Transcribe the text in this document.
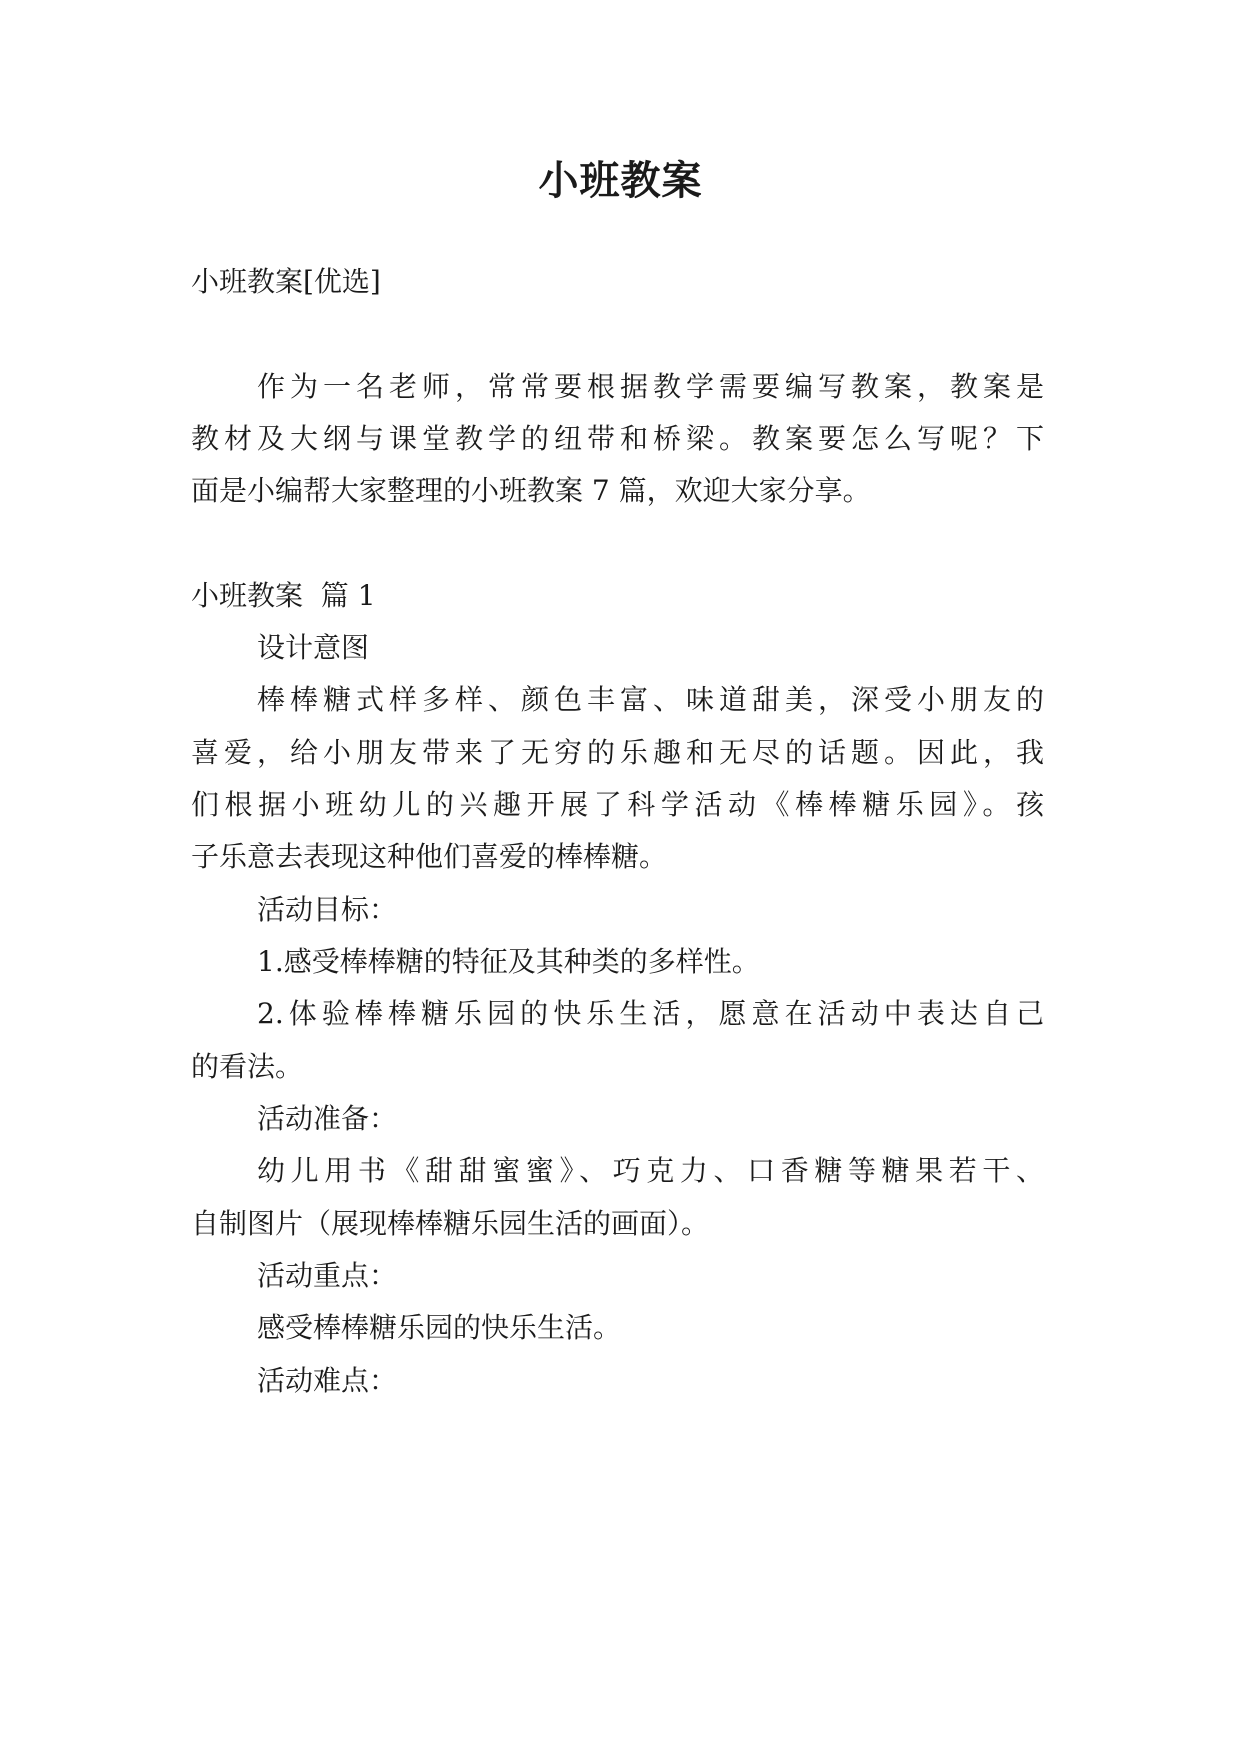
小班教案

小班教案[优选]

作为一名老师，常常要根据教学需要编写教案，教案是

教材及大纲与课堂教学的纽带和桥梁。教案要怎么写呢？下

面是小编帮大家整理的小班教案 7 篇，欢迎大家分享。

小班教案  篇 1

设计意图

棒棒糖式样多样、颜色丰富、味道甜美，深受小朋友的

喜爱，给小朋友带来了无穷的乐趣和无尽的话题。因此，我

们根据小班幼儿的兴趣开展了科学活动《棒棒糖乐园》。孩

子乐意去表现这种他们喜爱的棒棒糖。

活动目标：

1.感受棒棒糖的特征及其种类的多样性。

2.体验棒棒糖乐园的快乐生活，愿意在活动中表达自己

的看法。

活动准备：

幼儿用书《甜甜蜜蜜》、巧克力、口香糖等糖果若干、

自制图片（展现棒棒糖乐园生活的画面）。

活动重点：

感受棒棒糖乐园的快乐生活。

活动难点：
